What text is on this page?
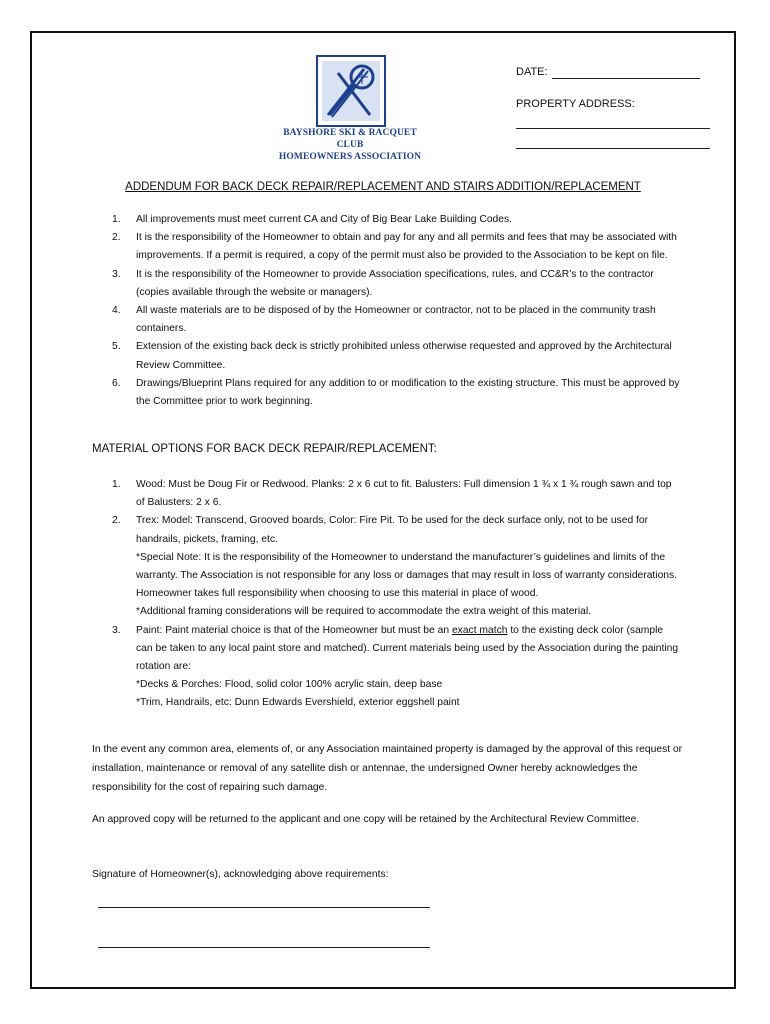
BAYSHORE SKI & RACQUET CLUB
HOMEOWNERS ASSOCIATION
DATE:
PROPERTY ADDRESS:
ADDENDUM FOR BACK DECK REPAIR/REPLACEMENT AND STAIRS ADDITION/REPLACEMENT
1. All improvements must meet current CA and City of Big Bear Lake Building Codes.
2. It is the responsibility of the Homeowner to obtain and pay for any and all permits and fees that may be associated with improvements. If a permit is required, a copy of the permit must also be provided to the Association to be kept on file.
3. It is the responsibility of the Homeowner to provide Association specifications, rules, and CC&R’s to the contractor (copies available through the website or managers).
4. All waste materials are to be disposed of by the Homeowner or contractor, not to be placed in the community trash containers.
5. Extension of the existing back deck is strictly prohibited unless otherwise requested and approved by the Architectural Review Committee.
6. Drawings/Blueprint Plans required for any addition to or modification to the existing structure. This must be approved by the Committee prior to work beginning.
MATERIAL OPTIONS FOR BACK DECK REPAIR/REPLACEMENT:
1. Wood: Must be Doug Fir or Redwood. Planks: 2 x 6 cut to fit. Balusters: Full dimension 1 ¾ x 1 ¾ rough sawn and top of Balusters: 2 x 6.
2. Trex: Model: Transcend, Grooved boards, Color: Fire Pit. To be used for the deck surface only, not to be used for handrails, pickets, framing, etc.
*Special Note: It is the responsibility of the Homeowner to understand the manufacturer’s guidelines and limits of the warranty. The Association is not responsible for any loss or damages that may result in loss of warranty considerations. Homeowner takes full responsibility when choosing to use this material in place of wood.
*Additional framing considerations will be required to accommodate the extra weight of this material.
3. Paint: Paint material choice is that of the Homeowner but must be an exact match to the existing deck color (sample can be taken to any local paint store and matched). Current materials being used by the Association during the painting rotation are:
*Decks & Porches: Flood, solid color 100% acrylic stain, deep base
*Trim, Handrails, etc: Dunn Edwards Evershield, exterior eggshell paint
In the event any common area, elements of, or any Association maintained property is damaged by the approval of this request or installation, maintenance or removal of any satellite dish or antennae, the undersigned Owner hereby acknowledges the responsibility for the cost of repairing such damage.
An approved copy will be returned to the applicant and one copy will be retained by the Architectural Review Committee.
Signature of Homeowner(s), acknowledging above requirements:
